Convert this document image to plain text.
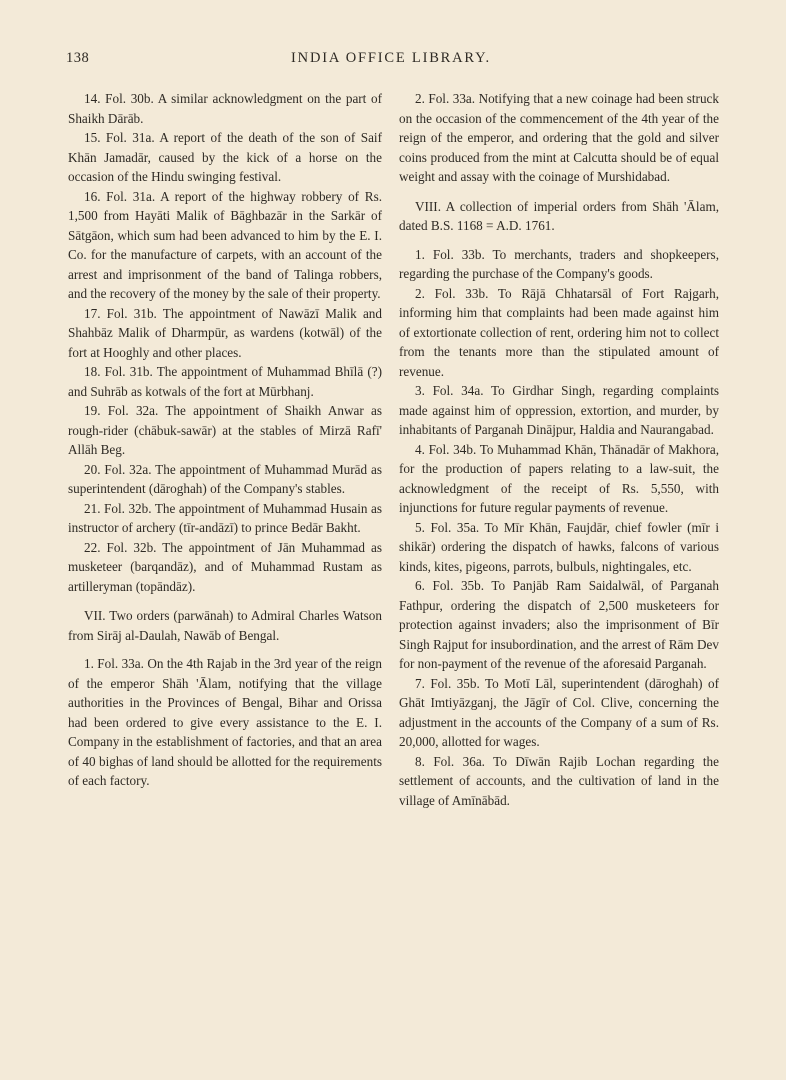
138	INDIA OFFICE LIBRARY.

14. Fol. 30b. A similar acknowledgment on the part of Shaikh Dārāb.

15. Fol. 31a. A report of the death of the son of Saif Khān Jamadār, caused by the kick of a horse on the occasion of the Hindu swinging festival.

16. Fol. 31a. A report of the highway robbery of Rs. 1,500 from Hayāti Malik of Bāghbazār in the Sarkār of Sātgāon, which sum had been advanced to him by the E. I. Co. for the manufacture of carpets, with an account of the arrest and imprisonment of the band of Talinga robbers, and the recovery of the money by the sale of their property.

17. Fol. 31b. The appointment of Nawāzī Malik and Shahbāz Malik of Dharmpūr, as wardens (kotwāl) of the fort at Hooghly and other places.

18. Fol. 31b. The appointment of Muhammad Bhīlā (?) and Suhrāb as kotwals of the fort at Mūrbhanj.

19. Fol. 32a. The appointment of Shaikh Anwar as rough-rider (chābuk-sawār) at the stables of Mirzā Rafī' Allāh Beg.

20. Fol. 32a. The appointment of Muhammad Murād as superintendent (dāroghah) of the Company's stables.

21. Fol. 32b. The appointment of Muhammad Husain as instructor of archery (tīr-andāzī) to prince Bedār Bakht.

22. Fol. 32b. The appointment of Jān Muhammad as musketeer (barqandāz), and of Muhammad Rustam as artilleryman (topāndāz).

VII. Two orders (parwānah) to Admiral Charles Watson from Sirāj al-Daulah, Nawāb of Bengal.

1. Fol. 33a. On the 4th Rajab in the 3rd year of the reign of the emperor Shāh 'Ālam, notifying that the village authorities in the Provinces of Bengal, Bihar and Orissa had been ordered to give every assistance to the E. I. Company in the establishment of factories, and that an area of 40 bighas of land should be allotted for the requirements of each factory.

2. Fol. 33a. Notifying that a new coinage had been struck on the occasion of the commencement of the 4th year of the reign of the emperor, and ordering that the gold and silver coins produced from the mint at Calcutta should be of equal weight and assay with the coinage of Murshidabad.

VIII. A collection of imperial orders from Shāh 'Ālam, dated B.S. 1168 = A.D. 1761.

1. Fol. 33b. To merchants, traders and shopkeepers, regarding the purchase of the Company's goods.

2. Fol. 33b. To Rājā Chhatarsāl of Fort Rajgarh, informing him that complaints had been made against him of extortionate collection of rent, ordering him not to collect from the tenants more than the stipulated amount of revenue.

3. Fol. 34a. To Girdhar Singh, regarding complaints made against him of oppression, extortion, and murder, by inhabitants of Parganah Dinājpur, Haldia and Naurangabad.

4. Fol. 34b. To Muhammad Khān, Thānadār of Makhora, for the production of papers relating to a law-suit, the acknowledgment of the receipt of Rs. 5,550, with injunctions for future regular payments of revenue.

5. Fol. 35a. To Mīr Khān, Faujdār, chief fowler (mīr i shikār) ordering the dispatch of hawks, falcons of various kinds, kites, pigeons, parrots, bulbuls, nightingales, etc.

6. Fol. 35b. To Panjāb Ram Saidalwāl, of Parganah Fathpur, ordering the dispatch of 2,500 musketeers for protection against invaders; also the imprisonment of Bīr Singh Rajput for insubordination, and the arrest of Rām Dev for non-payment of the revenue of the aforesaid Parganah.

7. Fol. 35b. To Motī Lāl, superintendent (dāroghah) of Ghāt Imtiyāzganj, the Jāgīr of Col. Clive, concerning the adjustment in the accounts of the Company of a sum of Rs. 20,000, allotted for wages.

8. Fol. 36a. To Dīwān Rajib Lochan regarding the settlement of accounts, and the cultivation of land in the village of Amīnābād.
